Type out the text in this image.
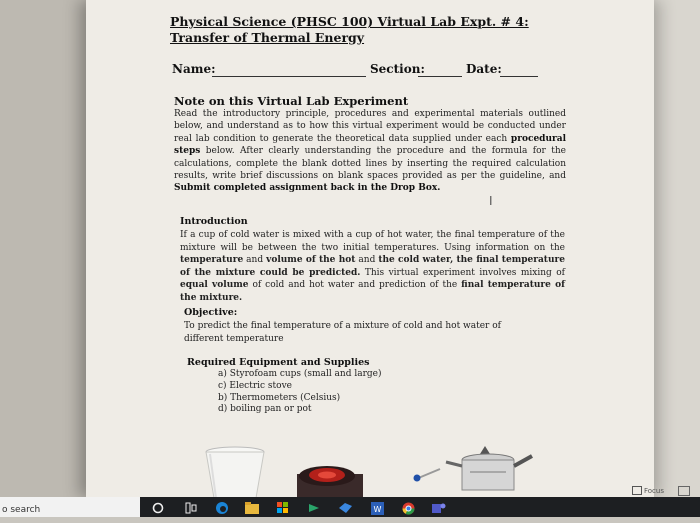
Physical Science (PHSC 100) Virtual Lab Expt. # 4: Transfer of Thermal Energy
Name:	Section:	Date:
Note on this Virtual Lab Experiment
Read the introductory principle, procedures and experimental materials outlined below, and understand as to how this virtual experiment would be conducted under real lab condition to generate the theoretical data supplied under each procedural steps below. After clearly understanding the procedure and the formula for the calculations, complete the blank dotted lines by inserting the required calculation results, write brief discussions on blank spaces provided as per the guideline, and Submit completed assignment back in the Drop Box.
I
Introduction
If a cup of cold water is mixed with a cup of hot water, the final temperature of the mixture will be between the two initial temperatures. Using information on the temperature and volume of the hot and the cold water, the final temperature of the mixture could be predicted. This virtual experiment involves mixing of equal volume of cold and hot water and prediction of the final temperature of the mixture.
Objective:
To predict the final temperature of a mixture of cold and hot water of different temperature
Required Equipment and Supplies
a) Styrofoam cups (small and large)
c) Electric stove
b) Thermometers (Celsius)
d) boiling pan or pot
Focus
o search	W
